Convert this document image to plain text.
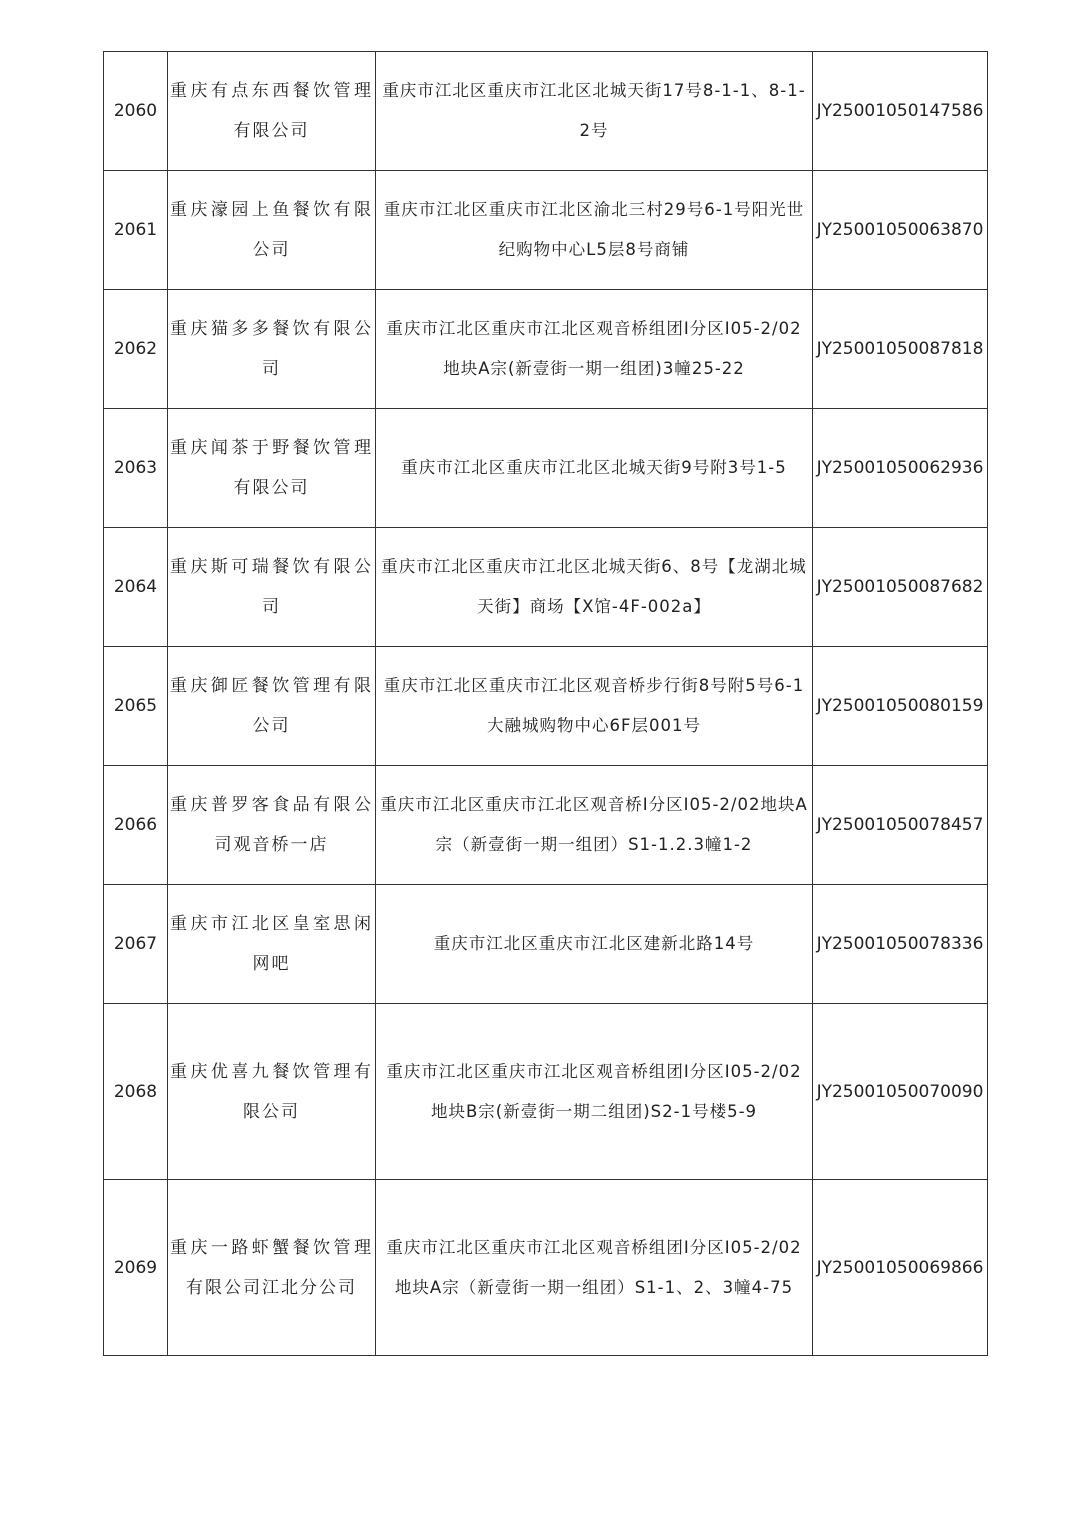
2060	重庆有点东西餐饮管理有限公司	重庆市江北区重庆市江北区北城天街17号8-1-1、8-1-2号	JY25001050147586
2061	重庆濠园上鱼餐饮有限公司	重庆市江北区重庆市江北区渝北三村29号6-1号阳光世纪购物中心L5层8号商铺	JY25001050063870
2062	重庆猫多多餐饮有限公司	重庆市江北区重庆市江北区观音桥组团Ⅰ分区I05-2/02地块A宗(新壹街一期一组团)3幢25-22	JY25001050087818
2063	重庆闻茶于野餐饮管理有限公司	重庆市江北区重庆市江北区北城天街9号附3号1-5	JY25001050062936
2064	重庆斯可瑞餐饮有限公司	重庆市江北区重庆市江北区北城天街6、8号【龙湖北城天街】商场【X馆-4F-002a】	JY25001050087682
2065	重庆御匠餐饮管理有限公司	重庆市江北区重庆市江北区观音桥步行街8号附5号6-1大融城购物中心6F层001号	JY25001050080159
2066	重庆普罗客食品有限公司观音桥一店	重庆市江北区重庆市江北区观音桥Ⅰ分区I05-2/02地块A宗（新壹街一期一组团）S1-1.2.3幢1-2	JY25001050078457
2067	重庆市江北区皇室思闲网吧	重庆市江北区重庆市江北区建新北路14号	JY25001050078336
2068	重庆优喜九餐饮管理有限公司	重庆市江北区重庆市江北区观音桥组团Ⅰ分区I05-2/02地块B宗(新壹街一期二组团)S2-1号楼5-9	JY25001050070090
2069	重庆一路虾蟹餐饮管理有限公司江北分公司	重庆市江北区重庆市江北区观音桥组团Ⅰ分区I05-2/02地块A宗（新壹街一期一组团）S1-1、2、3幢4-75	JY25001050069866
